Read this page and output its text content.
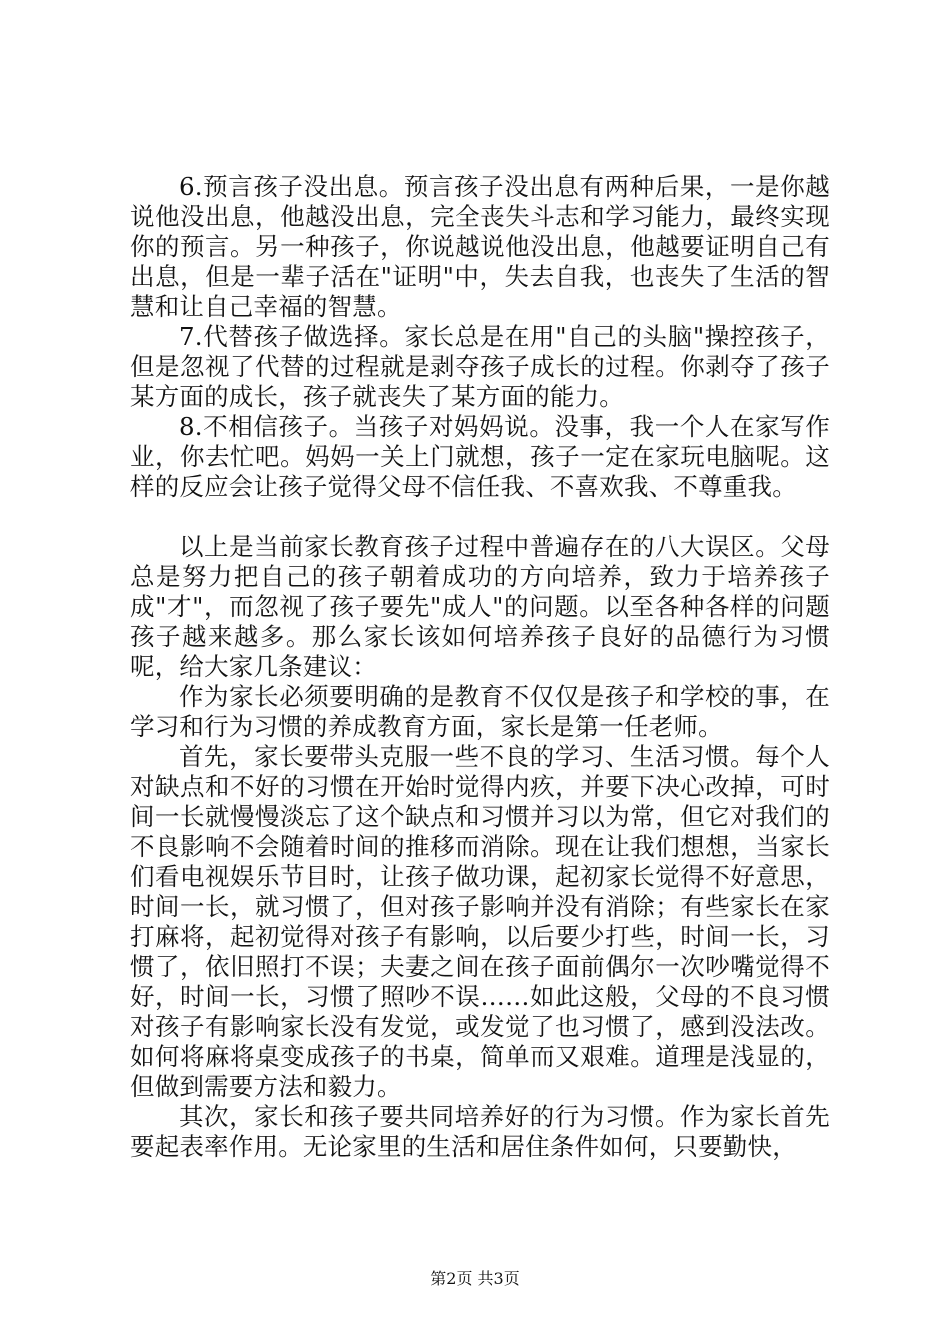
6.预言孩子没出息。预言孩子没出息有两种后果，一是你越说他没出息，他越没出息，完全丧失斗志和学习能力，最终实现你的预言。另一种孩子，你说越说他没出息，他越要证明自己有出息，但是一辈子活在"证明"中，失去自我，也丧失了生活的智慧和让自己幸福的智慧。

7.代替孩子做选择。家长总是在用"自己的头脑"操控孩子，但是忽视了代替的过程就是剥夺孩子成长的过程。你剥夺了孩子某方面的成长，孩子就丧失了某方面的能力。

8.不相信孩子。当孩子对妈妈说。没事，我一个人在家写作业，你去忙吧。妈妈一关上门就想，孩子一定在家玩电脑呢。这样的反应会让孩子觉得父母不信任我、不喜欢我、不尊重我。

以上是当前家长教育孩子过程中普遍存在的八大误区。父母总是努力把自己的孩子朝着成功的方向培养，致力于培养孩子成"才"，而忽视了孩子要先"成人"的问题。以至各种各样的问题孩子越来越多。那么家长该如何培养孩子良好的品德行为习惯呢，给大家几条建议：

作为家长必须要明确的是教育不仅仅是孩子和学校的事，在学习和行为习惯的养成教育方面，家长是第一任老师。

首先，家长要带头克服一些不良的学习、生活习惯。每个人对缺点和不好的习惯在开始时觉得内疚，并要下决心改掉，可时间一长就慢慢淡忘了这个缺点和习惯并习以为常，但它对我们的不良影响不会随着时间的推移而消除。现在让我们想想，当家长们看电视娱乐节目时，让孩子做功课，起初家长觉得不好意思，时间一长，就习惯了，但对孩子影响并没有消除；有些家长在家打麻将，起初觉得对孩子有影响，以后要少打些，时间一长，习惯了，依旧照打不误；夫妻之间在孩子面前偶尔一次吵嘴觉得不好，时间一长，习惯了照吵不误……如此这般，父母的不良习惯对孩子有影响家长没有发觉，或发觉了也习惯了，感到没法改。如何将麻将桌变成孩子的书桌，简单而又艰难。道理是浅显的，但做到需要方法和毅力。

其次，家长和孩子要共同培养好的行为习惯。作为家长首先要起表率作用。无论家里的生活和居住条件如何，只要勤快，

第2页 共3页
